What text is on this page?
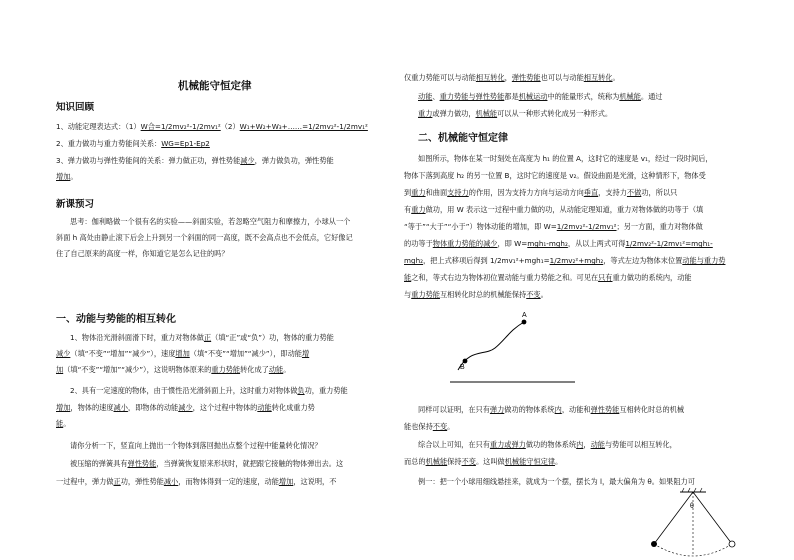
机械能守恒定律
知识回顾
1、动能定理表达式：（1）W合=1/2mv₂²-1/2mv₁²（2）W₁+W₂+W₃+……=1/2mv₂²-1/2mv₁²
2、重力做功与重力势能间关系：WG=Ep1-Ep2
3、弹力做功与弹性势能间的关系：弹力做正功，弹性势能减少，弹力做负功，弹性势能
增加。
新课预习
思考：伽利略做一个很有名的实验——斜面实验，若忽略空气阻力和摩擦力，小球从一个
斜面 h 高处由静止滚下后会上升到另一个斜面的同一高度，既不会高点也不会低点，它好像记
住了自己原来的高度一样，你知道它是怎么记住的吗？
一、动能与势能的相互转化
1、物体沿光滑斜面滑下时，重力对物体做正（填“正”或“负”）功，物体的重力势能
减少（填“不变”“增加”“减少”），速度增加（填“不变”“增加”“减少”），即动能增
加（填“不变”“增加”“减少”），这说明物体原来的重力势能转化成了动能。
2、具有一定速度的物体，由于惯性沿光滑斜面上升，这时重力对物体做负功，重力势能
增加，物体的速度减小，即物体的动能减少，这个过程中物体的动能转化成重力势
能。
请你分析一下，竖直向上抛出一个物体到落回抛出点整个过程中能量转化情况？
被压缩的弹簧具有弹性势能，当弹簧恢复原来形状时，就把跟它接触的物体弹出去。这
一过程中，弹力做正功，弹性势能减小，而物体得到一定的速度，动能增加，这说明，不
仅重力势能可以与动能相互转化，弹性势能也可以与动能相互转化。
动能、重力势能与弹性势能都是机械运动中的能量形式，统称为机械能。通过
重力或弹力做功，机械能可以从一种形式转化成另一种形式。
二、机械能守恒定律
如图所示，物体在某一时刻处在高度为 h₁ 的位置 A，这时它的速度是 v₁，经过一段时间后，
物体下落到高度 h₂ 的另一位置 B，这时它的速度是 v₂。假设曲面是光滑，这种情形下，物体受
到重力和曲面支持力的作用，因为支持力方向与运动方向垂直，支持力不做功，所以只
有重力做功，用 W 表示这一过程中重力做的功，从动能定理知道，重力对物体做的功等于（填
“等于”“大于”“小于”）物体动能的增加，即 W=1/2mv₂²-1/2mv₁²；另一方面，重力对物体做
的功等于物体重力势能的减少，即 W=mgh₁-mgh₂，从以上两式可得1/2mv₂²-1/2mv₁²=mgh₁-
mgh₂，把上式移项后得到 1/2mv₁²+mgh₁=1/2mv₂²+mgh₂，等式左边为物体末位置动能与重力势
能之和，等式右边为物体初位置动能与重力势能之和。可见在只有重力做功的系统内，动能
与重力势能互相转化时总的机械能保持不变。
A
B
同样可以证明，在只有弹力做功的物体系统内，动能和弹性势能互相转化时总的机械
能也保持不变。
综合以上可知，在只有重力或弹力做功的物体系统内，动能与势能可以相互转化，
而总的机械能保持不变。这叫做机械能守恒定律。
例一：把一个小球用细线悬挂来，就成为一个摆，摆长为 l，最大偏角为 θ。如果阻力可
θ
